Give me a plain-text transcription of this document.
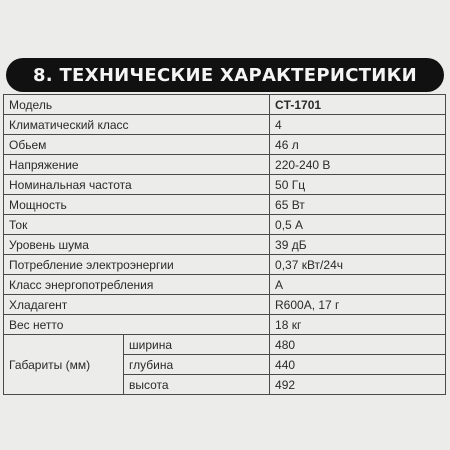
8. ТЕХНИЧЕСКИЕ ХАРАКТЕРИСТИКИ
Модель		CT-1701
Климатический класс		4
Обьем		46 л
Напряжение		220-240 В
Номинальная частота		50 Гц
Мощность		65 Вт
Ток		0,5 А
Уровень шума		39 дБ
Потребление электроэнергии		0,37 кВт/24ч
Класс энергопотребления		A
Хладагент		R600A, 17 г
Вес нетто		18 кг
Габариты (мм)	ширина	480
	глубина	440
	высота	492
